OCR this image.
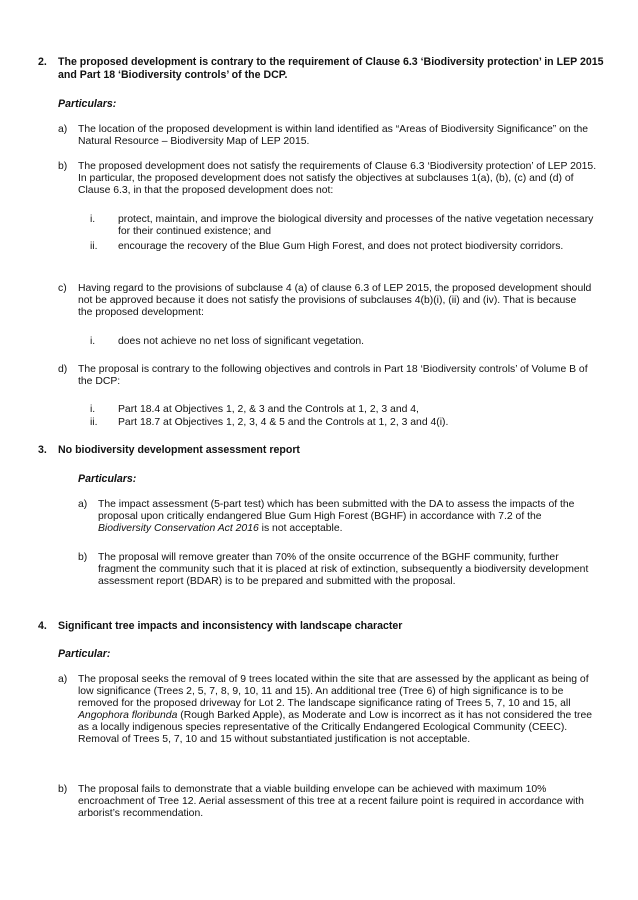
2. The proposed development is contrary to the requirement of Clause 6.3 ‘Biodiversity protection’ in LEP 2015 and Part 18 ‘Biodiversity controls’ of the DCP.
Particulars:
a) The location of the proposed development is within land identified as “Areas of Biodiversity Significance” on the Natural Resource – Biodiversity Map of LEP 2015.
b) The proposed development does not satisfy the requirements of Clause 6.3 ‘Biodiversity protection’ of LEP 2015. In particular, the proposed development does not satisfy the objectives at subclauses 1(a), (b), (c) and (d) of Clause 6.3, in that the proposed development does not:
i. protect, maintain, and improve the biological diversity and processes of the native vegetation necessary for their continued existence; and
ii. encourage the recovery of the Blue Gum High Forest, and does not protect biodiversity corridors.
c) Having regard to the provisions of subclause 4 (a) of clause 6.3 of LEP 2015, the proposed development should not be approved because it does not satisfy the provisions of subclauses 4(b)(i), (ii) and (iv). That is because the proposed development:
i. does not achieve no net loss of significant vegetation.
d) The proposal is contrary to the following objectives and controls in Part 18 ‘Biodiversity controls’ of Volume B of the DCP:
i. Part 18.4 at Objectives 1, 2, & 3 and the Controls at 1, 2, 3 and 4,
ii. Part 18.7 at Objectives 1, 2, 3, 4 & 5 and the Controls at 1, 2, 3 and 4(i).
3. No biodiversity development assessment report
Particulars:
a) The impact assessment (5-part test) which has been submitted with the DA to assess the impacts of the proposal upon critically endangered Blue Gum High Forest (BGHF) in accordance with 7.2 of the Biodiversity Conservation Act 2016 is not acceptable.
b) The proposal will remove greater than 70% of the onsite occurrence of the BGHF community, further fragment the community such that it is placed at risk of extinction, subsequently a biodiversity development assessment report (BDAR) is to be prepared and submitted with the proposal.
4. Significant tree impacts and inconsistency with landscape character
Particular:
a) The proposal seeks the removal of 9 trees located within the site that are assessed by the applicant as being of low significance (Trees 2, 5, 7, 8, 9, 10, 11 and 15). An additional tree (Tree 6) of high significance is to be removed for the proposed driveway for Lot 2. The landscape significance rating of Trees 5, 7, 10 and 15, all Angophora floribunda (Rough Barked Apple), as Moderate and Low is incorrect as it has not considered the tree as a locally indigenous species representative of the Critically Endangered Ecological Community (CEEC). Removal of Trees 5, 7, 10 and 15 without substantiated justification is not acceptable.
b) The proposal fails to demonstrate that a viable building envelope can be achieved with maximum 10% encroachment of Tree 12. Aerial assessment of this tree at a recent failure point is required in accordance with arborist’s recommendation.
